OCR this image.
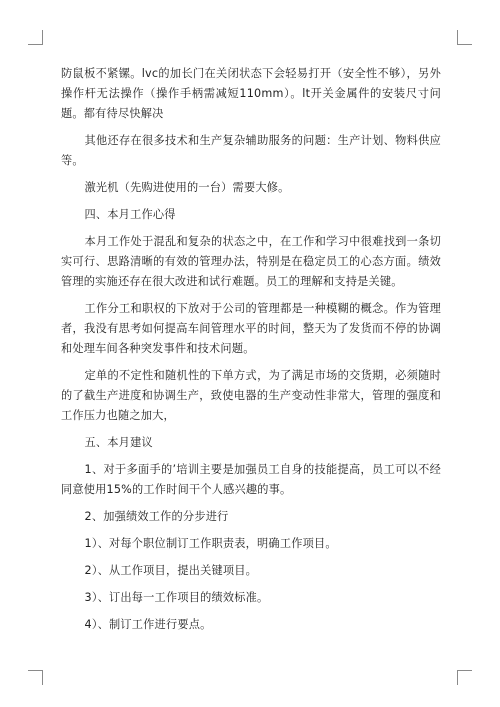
防鼠板不紧镙。lvc的加长门在关闭状态下会轻易打开（安全性不够），另外操作杆无法操作（操作手柄需减短110mm）。lt开关金属件的安装尺寸问题。都有待尽快解决

其他还存在很多技术和生产复杂辅助服务的问题：生产计划、物料供应等。

激光机（先购进使用的一台）需要大修。

四、本月工作心得

本月工作处于混乱和复杂的状态之中，在工作和学习中很难找到一条切实可行、思路清晰的有效的管理办法，特别是在稳定员工的心态方面。绩效管理的实施还存在很大改进和试行难题。员工的理解和支持是关键。

工作分工和职权的下放对于公司的管理都是一种模糊的概念。作为管理者，我没有思考如何提高车间管理水平的时间，整天为了发货而不停的协调和处理车间各种突发事件和技术问题。

定单的不定性和随机性的下单方式，为了满足市场的交货期，必须随时的了截生产进度和协调生产，致使电器的生产变动性非常大，管理的强度和工作压力也随之加大，

五、本月建议

1、对于多面手的’培训主要是加强员工自身的技能提高，员工可以不经同意使用15%的工作时间干个人感兴趣的事。

2、加强绩效工作的分步进行

1）、对每个职位制订工作职责表，明确工作项目。

2）、从工作项目，提出关键项目。

3）、订出每一工作项目的绩效标准。

4）、制订工作进行要点。
